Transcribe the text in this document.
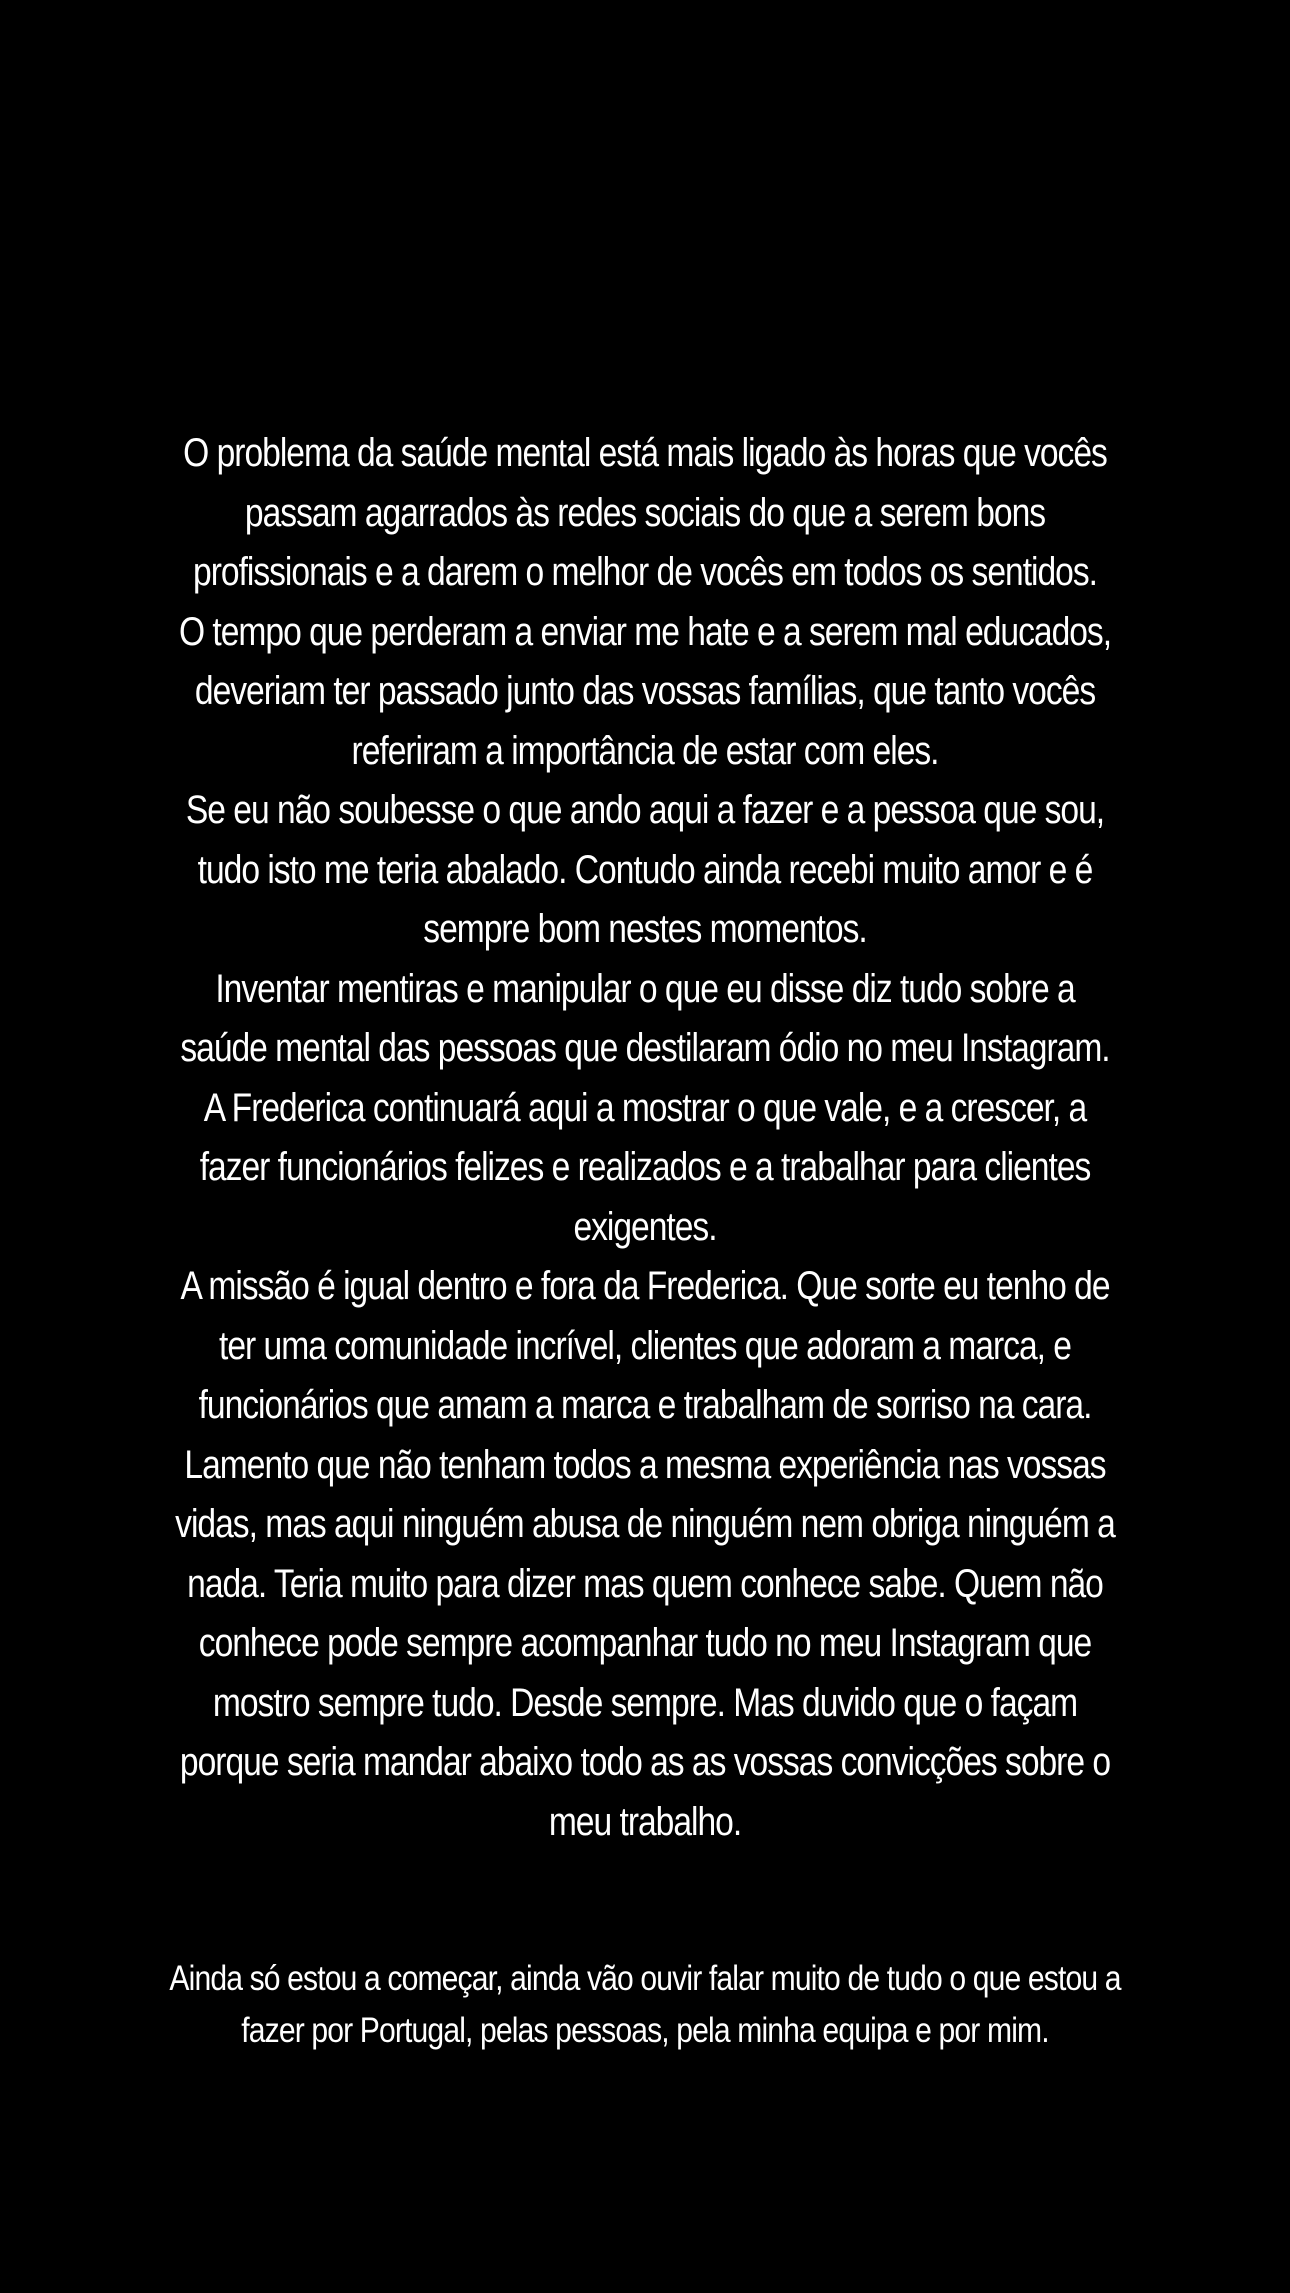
O problema da saúde mental está mais ligado às horas que vocês
passam agarrados às redes sociais do que a serem bons
profissionais e a darem o melhor de vocês em todos os sentidos.
O tempo que perderam a enviar me hate e a serem mal educados,
deveriam ter passado junto das vossas famílias, que tanto vocês
referiram a importância de estar com eles.
Se eu não soubesse o que ando aqui a fazer e a pessoa que sou,
tudo isto me teria abalado. Contudo ainda recebi muito amor e é
sempre bom nestes momentos.
Inventar mentiras e manipular o que eu disse diz tudo sobre a
saúde mental das pessoas que destilaram ódio no meu Instagram.
A Frederica continuará aqui a mostrar o que vale, e a crescer, a
fazer funcionários felizes e realizados e a trabalhar para clientes
exigentes.
A missão é igual dentro e fora da Frederica. Que sorte eu tenho de
ter uma comunidade incrível, clientes que adoram a marca, e
funcionários que amam a marca e trabalham de sorriso na cara.
Lamento que não tenham todos a mesma experiência nas vossas
vidas, mas aqui ninguém abusa de ninguém nem obriga ninguém a
nada. Teria muito para dizer mas quem conhece sabe. Quem não
conhece pode sempre acompanhar tudo no meu Instagram que
mostro sempre tudo. Desde sempre. Mas duvido que o façam
porque seria mandar abaixo todo as as vossas convicções sobre o
meu trabalho.
Ainda só estou a começar, ainda vão ouvir falar muito de tudo o que estou a
fazer por Portugal, pelas pessoas, pela minha equipa e por mim.
